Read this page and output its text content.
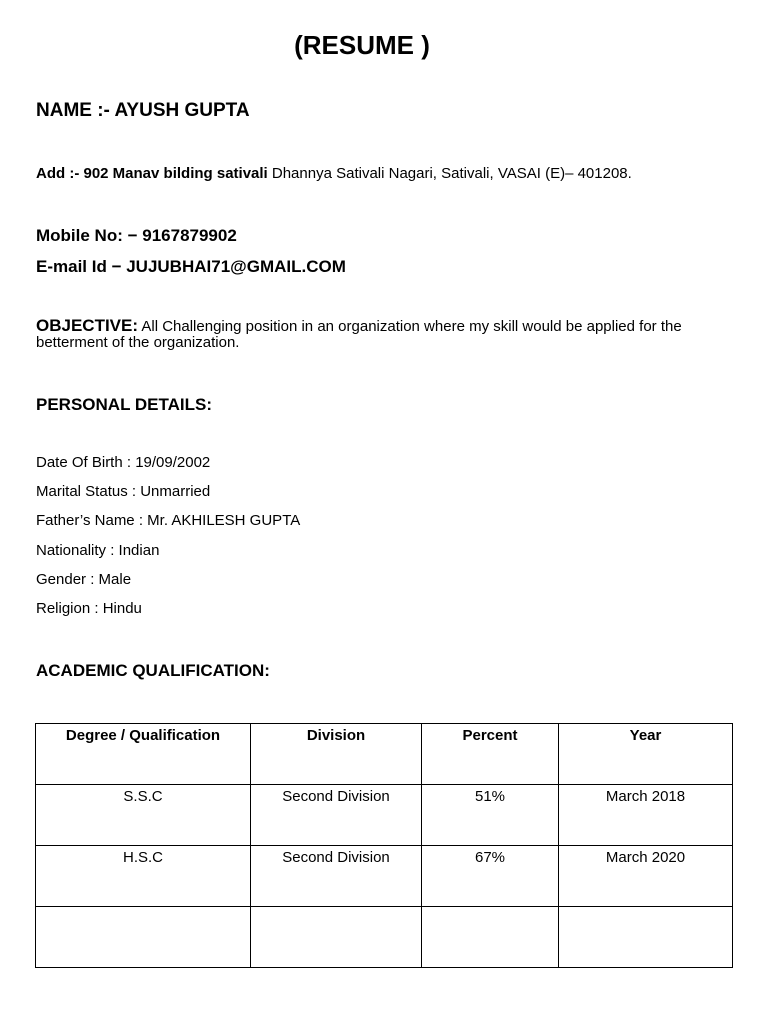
(RESUME )
NAME :- AYUSH GUPTA
Add :- 902 Manav bilding sativali Dhannya Sativali Nagari, Sativali, VASAI (E)– 401208.
Mobile No: − 9167879902
E-mail Id − JUJUBHAI71@GMAIL.COM
OBJECTIVE: All Challenging position in an organization where my skill would be applied for the betterment of the organization.
PERSONAL DETAILS:
Date Of Birth : 19/09/2002
Marital Status : Unmarried
Father’s Name : Mr. AKHILESH GUPTA
Nationality : Indian
Gender : Male
Religion : Hindu
ACADEMIC QUALIFICATION:
Degree / Qualification	Division	Percent	Year
S.S.C	Second Division	51%	March 2018
H.S.C	Second Division	67%	March 2020
